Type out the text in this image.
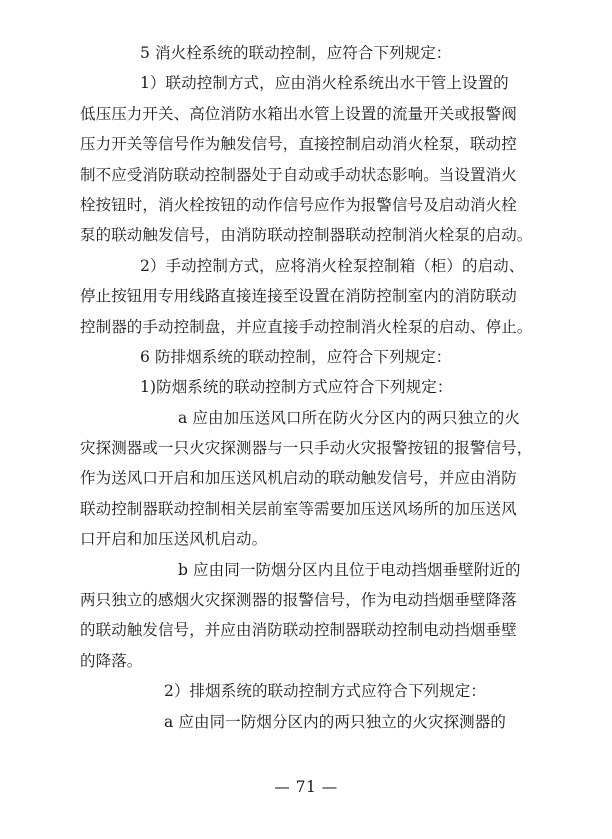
5 消火栓系统的联动控制，应符合下列规定：
1）联动控制方式，应由消火栓系统出水干管上设置的
低压压力开关、高位消防水箱出水管上设置的流量开关或报警阀
压力开关等信号作为触发信号，直接控制启动消火栓泵，联动控
制不应受消防联动控制器处于自动或手动状态影响。当设置消火
栓按钮时，消火栓按钮的动作信号应作为报警信号及启动消火栓
泵的联动触发信号，由消防联动控制器联动控制消火栓泵的启动。
2）手动控制方式，应将消火栓泵控制箱（柜）的启动、
停止按钮用专用线路直接连接至设置在消防控制室内的消防联动
控制器的手动控制盘，并应直接手动控制消火栓泵的启动、停止。
6 防排烟系统的联动控制，应符合下列规定：
1)防烟系统的联动控制方式应符合下列规定：
a 应由加压送风口所在防火分区内的两只独立的火
灾探测器或一只火灾探测器与一只手动火灾报警按钮的报警信号，
作为送风口开启和加压送风机启动的联动触发信号，并应由消防
联动控制器联动控制相关层前室等需要加压送风场所的加压送风
口开启和加压送风机启动。
b 应由同一防烟分区内且位于电动挡烟垂壁附近的
两只独立的感烟火灾探测器的报警信号，作为电动挡烟垂壁降落
的联动触发信号，并应由消防联动控制器联动控制电动挡烟垂壁
的降落。
2）排烟系统的联动控制方式应符合下列规定：
a 应由同一防烟分区内的两只独立的火灾探测器的
— 71 —
